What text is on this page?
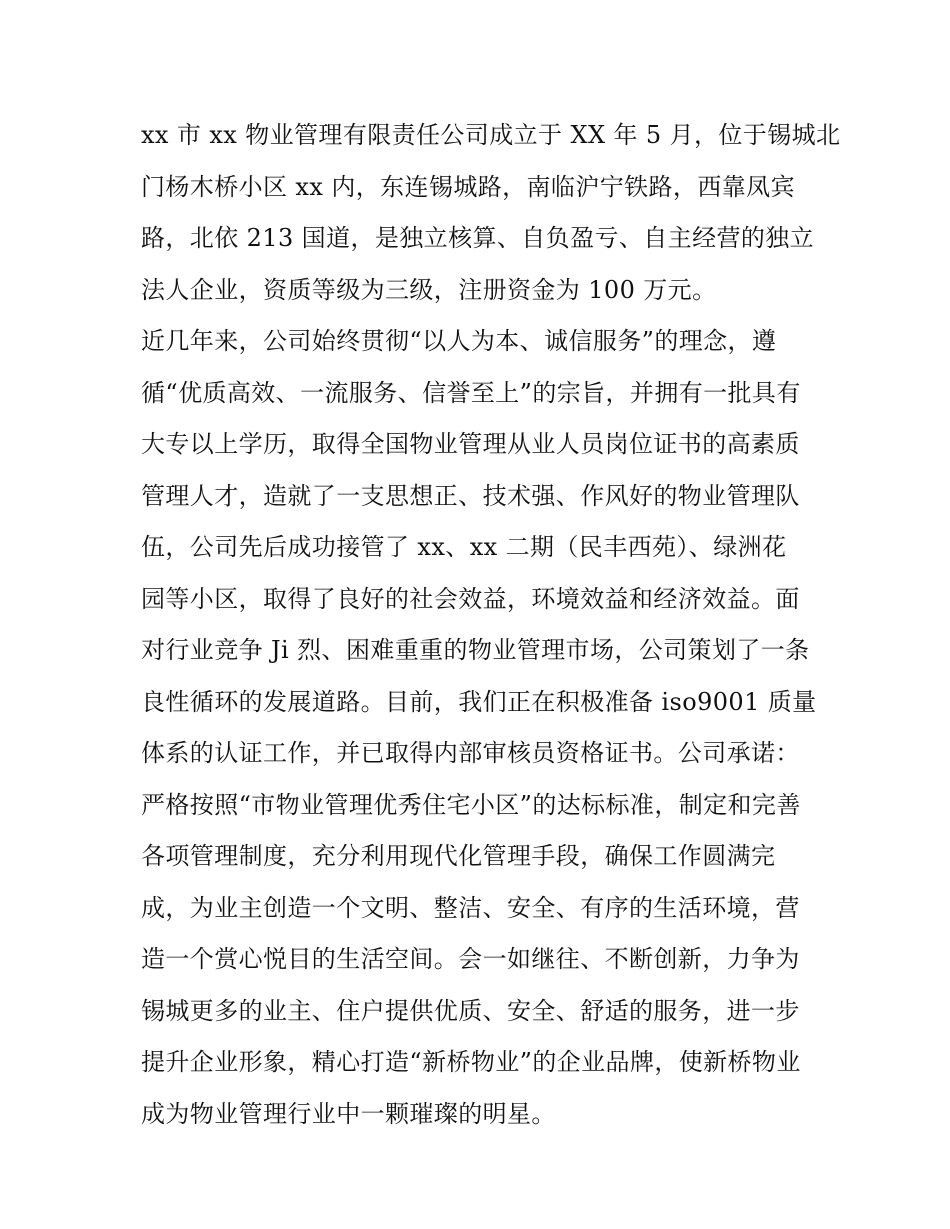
xx 市 xx 物业管理有限责任公司成立于 XX 年 5 月，位于锡城北
门杨木桥小区 xx 内，东连锡城路，南临沪宁铁路，西靠凤宾
路，北依 213 国道，是独立核算、自负盈亏、自主经营的独立
法人企业，资质等级为三级，注册资金为 100 万元。
近几年来，公司始终贯彻“以人为本、诚信服务”的理念，遵
循“优质高效、一流服务、信誉至上”的宗旨，并拥有一批具有
大专以上学历，取得全国物业管理从业人员岗位证书的高素质
管理人才，造就了一支思想正、技术强、作风好的物业管理队
伍，公司先后成功接管了 xx、xx 二期（民丰西苑）、绿洲花
园等小区，取得了良好的社会效益，环境效益和经济效益。面
对行业竞争 Ji 烈、困难重重的物业管理市场，公司策划了一条
良性循环的发展道路。目前，我们正在积极准备 iso9001 质量
体系的认证工作，并已取得内部审核员资格证书。公司承诺：
严格按照“市物业管理优秀住宅小区”的达标标准，制定和完善
各项管理制度，充分利用现代化管理手段，确保工作圆满完
成，为业主创造一个文明、整洁、安全、有序的生活环境，营
造一个赏心悦目的生活空间。会一如继往、不断创新，力争为
锡城更多的业主、住户提供优质、安全、舒适的服务，进一步
提升企业形象，精心打造“新桥物业”的企业品牌，使新桥物业
成为物业管理行业中一颗璀璨的明星。
